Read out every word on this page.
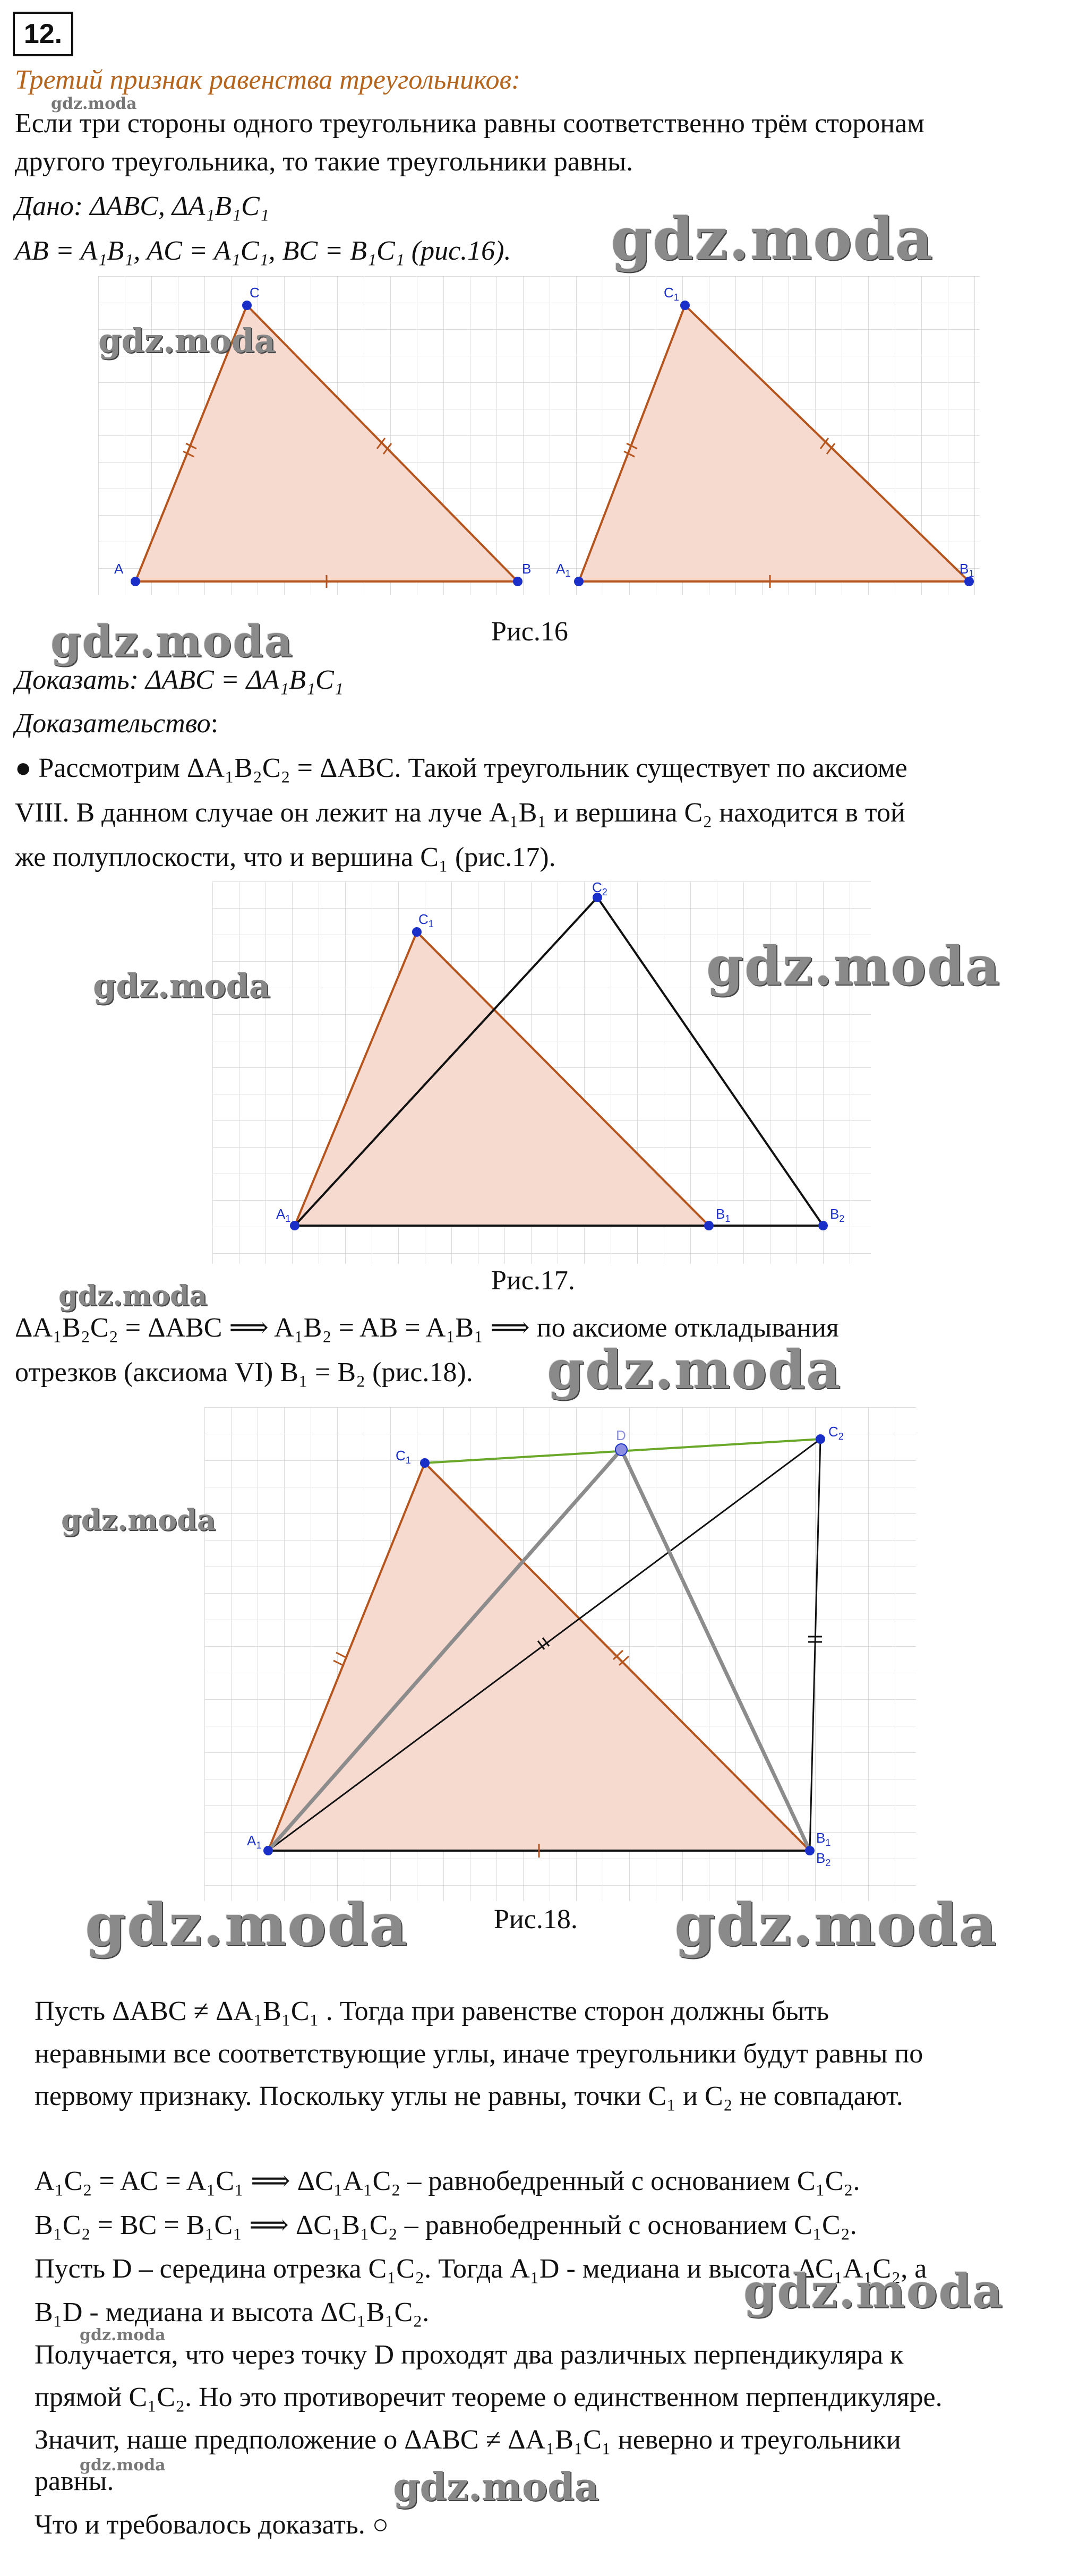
12.
Третий признак равенства треугольников:
gdz.moda
Если три стороны одного треугольника равны соответственно трём сторонам
другого треугольника, то такие треугольники равны.
Дано: ΔABC, ΔA₁B₁C₁
AB = A₁B₁, AC = A₁C₁, BC = B₁C₁ (рис.16). gdz.moda
A
C
B $A_1$
$C_1$
$B_1$
gdz.moda
gdz.moda	Рис.16
Доказать: ΔABC = ΔA₁B₁C₁
Доказательство:
● Рассмотрим ΔA₁B₂C₂ = ΔABC. Такой треугольник существует по аксиоме
VIII. В данном случае он лежит на луче A₁B₁ и вершина C₂ находится в той
же полуплоскости, что и вершина C₁ (рис.17).
$A_1$
$C_1$
$B_1$
$C_2$
$B_2$
gdz.moda	gdz.moda
gdz.moda	Рис.17.
ΔA₁B₂C₂ = ΔABC ⟹ A₁B₂ = AB = A₁B₁ ⟹ по аксиоме откладывания
отрезков (аксиома VI) B₁ = B₂ (рис.18). gdz.moda
$A_1$
$C_1$
$B_1$
$B_2$
$C_2$
D
gdz.moda
gdz.moda	Рис.18. gdz.moda
Пусть ΔABC ≠ ΔA₁B₁C₁ . Тогда при равенстве сторон должны быть
неравными все соответствующие углы, иначе треугольники будут равны по
первому признаку. Поскольку углы не равны, точки C₁ и C₂ не совпадают.
A₁C₂ = AC = A₁C₁ ⟹ ΔC₁A₁C₂ – равнобедренный с основанием C₁C₂.
B₁C₂ = BC = B₁C₁ ⟹ ΔC₁B₁C₂ – равнобедренный с основанием C₁C₂.
Пусть D – середина отрезка C₁C₂. Тогда A₁D - медиана и высота ΔC₁A₁C₂, а
B₁D - медиана и высота ΔC₁B₁C₂.	gdz.moda
Получается, что через точку D проходят два различных перпендикуляра к
gdz.moda
прямой C₁C₂. Но это противоречит теореме о единственном перпендикуляре.
Значит, наше предположение о ΔABC ≠ ΔA₁B₁C₁ неверно и треугольники
gdz.moda
равны.	gdz.moda
Что и требовалось доказать. ○
